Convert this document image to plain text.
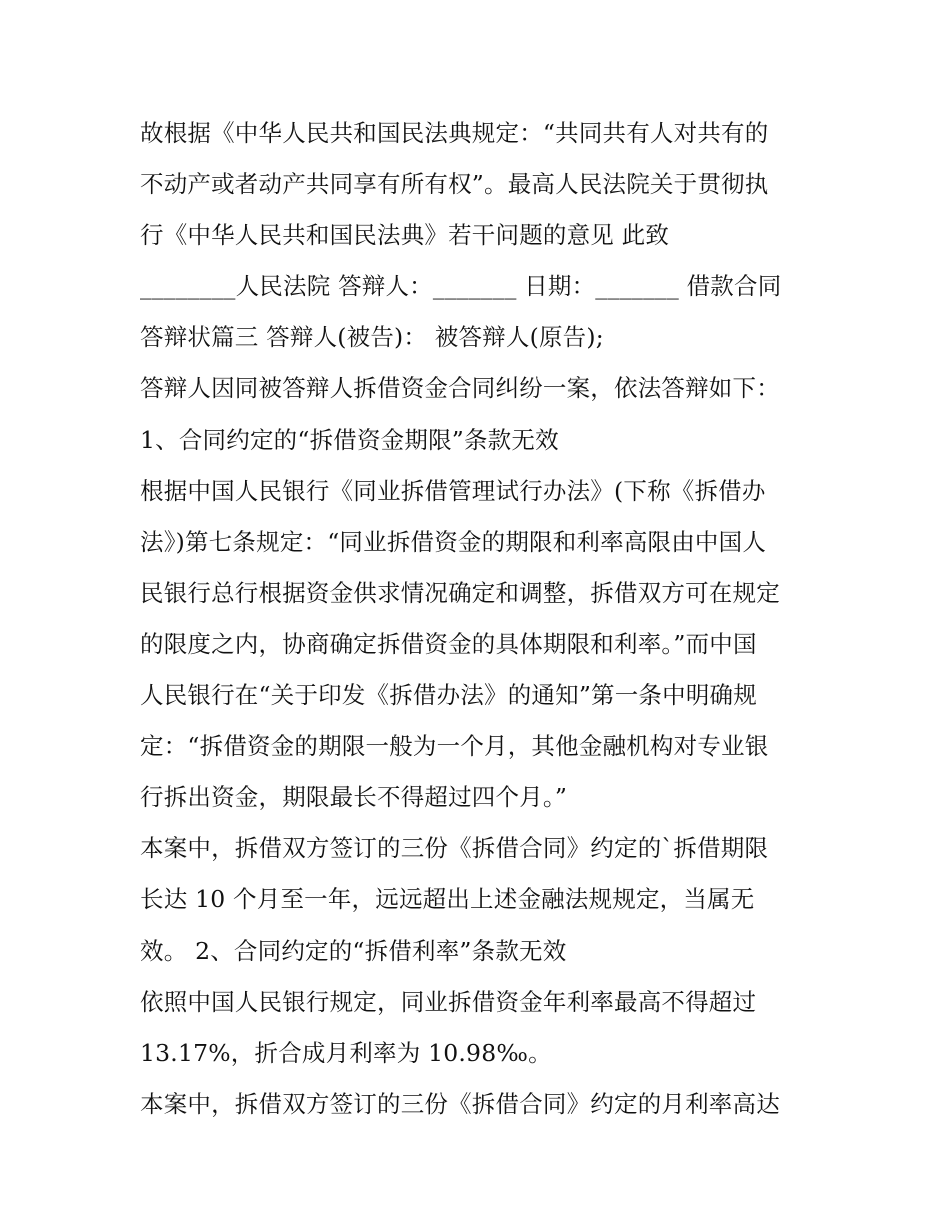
故根据《中华人民共和国民法典规定：“共同共有人对共有的
不动产或者动产共同享有所有权”。最高人民法院关于贯彻执
行《中华人民共和国民法典》若干问题的意见 此致
________人民法院 答辩人：_______ 日期：_______ 借款合同
答辩状篇三 答辩人(被告)： 被答辩人(原告);
答辩人因同被答辩人拆借资金合同纠纷一案，依法答辩如下：
1、合同约定的“拆借资金期限”条款无效
根据中国人民银行《同业拆借管理试行办法》(下称《拆借办
法》)第七条规定：“同业拆借资金的期限和利率高限由中国人
民银行总行根据资金供求情况确定和调整，拆借双方可在规定
的限度之内，协商确定拆借资金的具体期限和利率。”而中国
人民银行在“关于印发《拆借办法》的通知”第一条中明确规
定：“拆借资金的期限一般为一个月，其他金融机构对专业银
行拆出资金，期限最长不得超过四个月。”
本案中，拆借双方签订的三份《拆借合同》约定的`拆借期限
长达 10 个月至一年，远远超出上述金融法规规定，当属无
效。 2、合同约定的“拆借利率”条款无效
依照中国人民银行规定，同业拆借资金年利率最高不得超过
13.17%，折合成月利率为 10.98‰。
本案中，拆借双方签订的三份《拆借合同》约定的月利率高达
